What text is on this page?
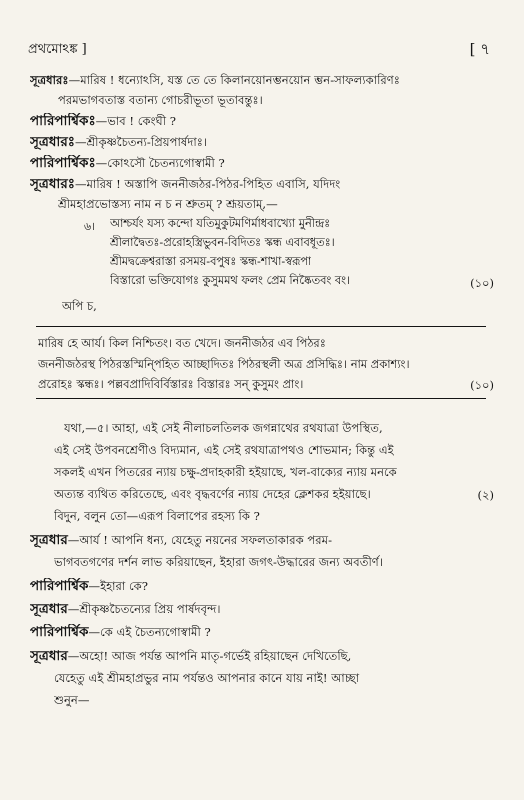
প্রথমোঽঙ্ক ]	[ ৭
সূত্রধারঃ—মারিষ ! ধন্যোঽসি, যস্ত তে তে কিলানয়োনম্ভনয়োন ম্ভন-সাফল্যকারিণঃ
পরমভাগবতাস্ত বতান্য গোচরীভূতা ভূতাবন্তুঃ।
পারিপার্শ্বিকঃ—ভাব ! কেংঘী ?
সূত্রধারঃ—শ্রীকৃষ্ণচৈতন্য-প্রিয়পার্ষদাঃ।
পারিপার্শ্বিকঃ—কোঽসৌ চৈতন্যগোস্বামী ?
সূত্রধারঃ—মারিষ ! অস্তাপি জননীজঠর-পিঠর-পিহিত এবাসি, যদিদং
শ্রীমহাপ্রভোস্তস্য নাম ন চ ন শ্রুতম্ ? শ্রূয়তাম্,—
৬। আশ্চর্যং যস্য কন্দো যতিমুকুটমণির্মাধবাখ্যো মুনীন্দ্রঃ
শ্রীলাদ্বৈতঃ-প্ররোহস্ত্রিভুবন-বিদিতঃ স্কন্ধ এবাবধূতঃ।
শ্রীমদ্বক্রেশ্বরাস্তা রসময়-বপুষঃ স্কন্ধ-শাখা-স্বরূপা
বিস্তারো ভক্তিযোগঃ কুসুমমথ ফলং প্রেম নিষ্কৈতবং বং।	(১০)
অপি চ,
মারিষ হে আর্য। কিল নিশ্চিতং। বত খেদে। জননীজঠর এব পিঠরঃ
জননীজঠরস্থ পিঠরস্তস্মিন্পিহিত আচ্ছাদিতঃ পিঠরস্থলী অত্র প্রসিদ্ধিঃ। নাম প্রকাশ্যং।
প্ররোহঃ স্কন্ধঃ। পল্লবপ্রাদিবির্বিস্তারঃ বিস্তারঃ সন্ কুসুমং প্রাং।	(১০)
যথা,—৫। আহা, এই সেই নীলাচলতিলক জগন্নাথের রথযাত্রা উপস্থিত,
এই সেই উপবনশ্রেণীও বিদ্যমান, এই সেই রথযাত্রাপথও শোভমান; কিন্তু এই
সকলই এখন পিতরের ন্যায় চক্ষু-প্রদাহকারী হইয়াছে, খল-বাক্যের ন্যায় মনকে
অত্যন্ত ব্যথিত করিতেছে, এবং বৃদ্ধবর্ণের ন্যায় দেহের ক্লেশকর হইয়াছে।	(২)
বিদুন, বলুন তো—এরূপ বিলাপের রহস্য কি ?
সূত্রধার—আর্য ! আপনি ধন্য, যেহেতু নয়নের সফলতাকারক পরম-
ভাগবতগণের দর্শন লাভ করিয়াছেন, ইহারা জগৎ-উদ্ধারের জন্য অবতীর্ণ।
পারিপার্শ্বিক—ইহারা কে?
সূত্রধার—শ্রীকৃষ্ণচৈতন্যের প্রিয় পার্ষদবৃন্দ।
পারিপার্শ্বিক—কে এই চৈতন্যগোস্বামী ?
সূত্রধার—অহো! আজ পর্যন্ত আপনি মাতৃ-গর্ভেই রহিয়াছেন দেখিতেছি,
যেহেতু এই শ্রীমহাপ্রভুর নাম পর্যন্তও আপনার কানে যায় নাই! আচ্ছা
শুনুন—
